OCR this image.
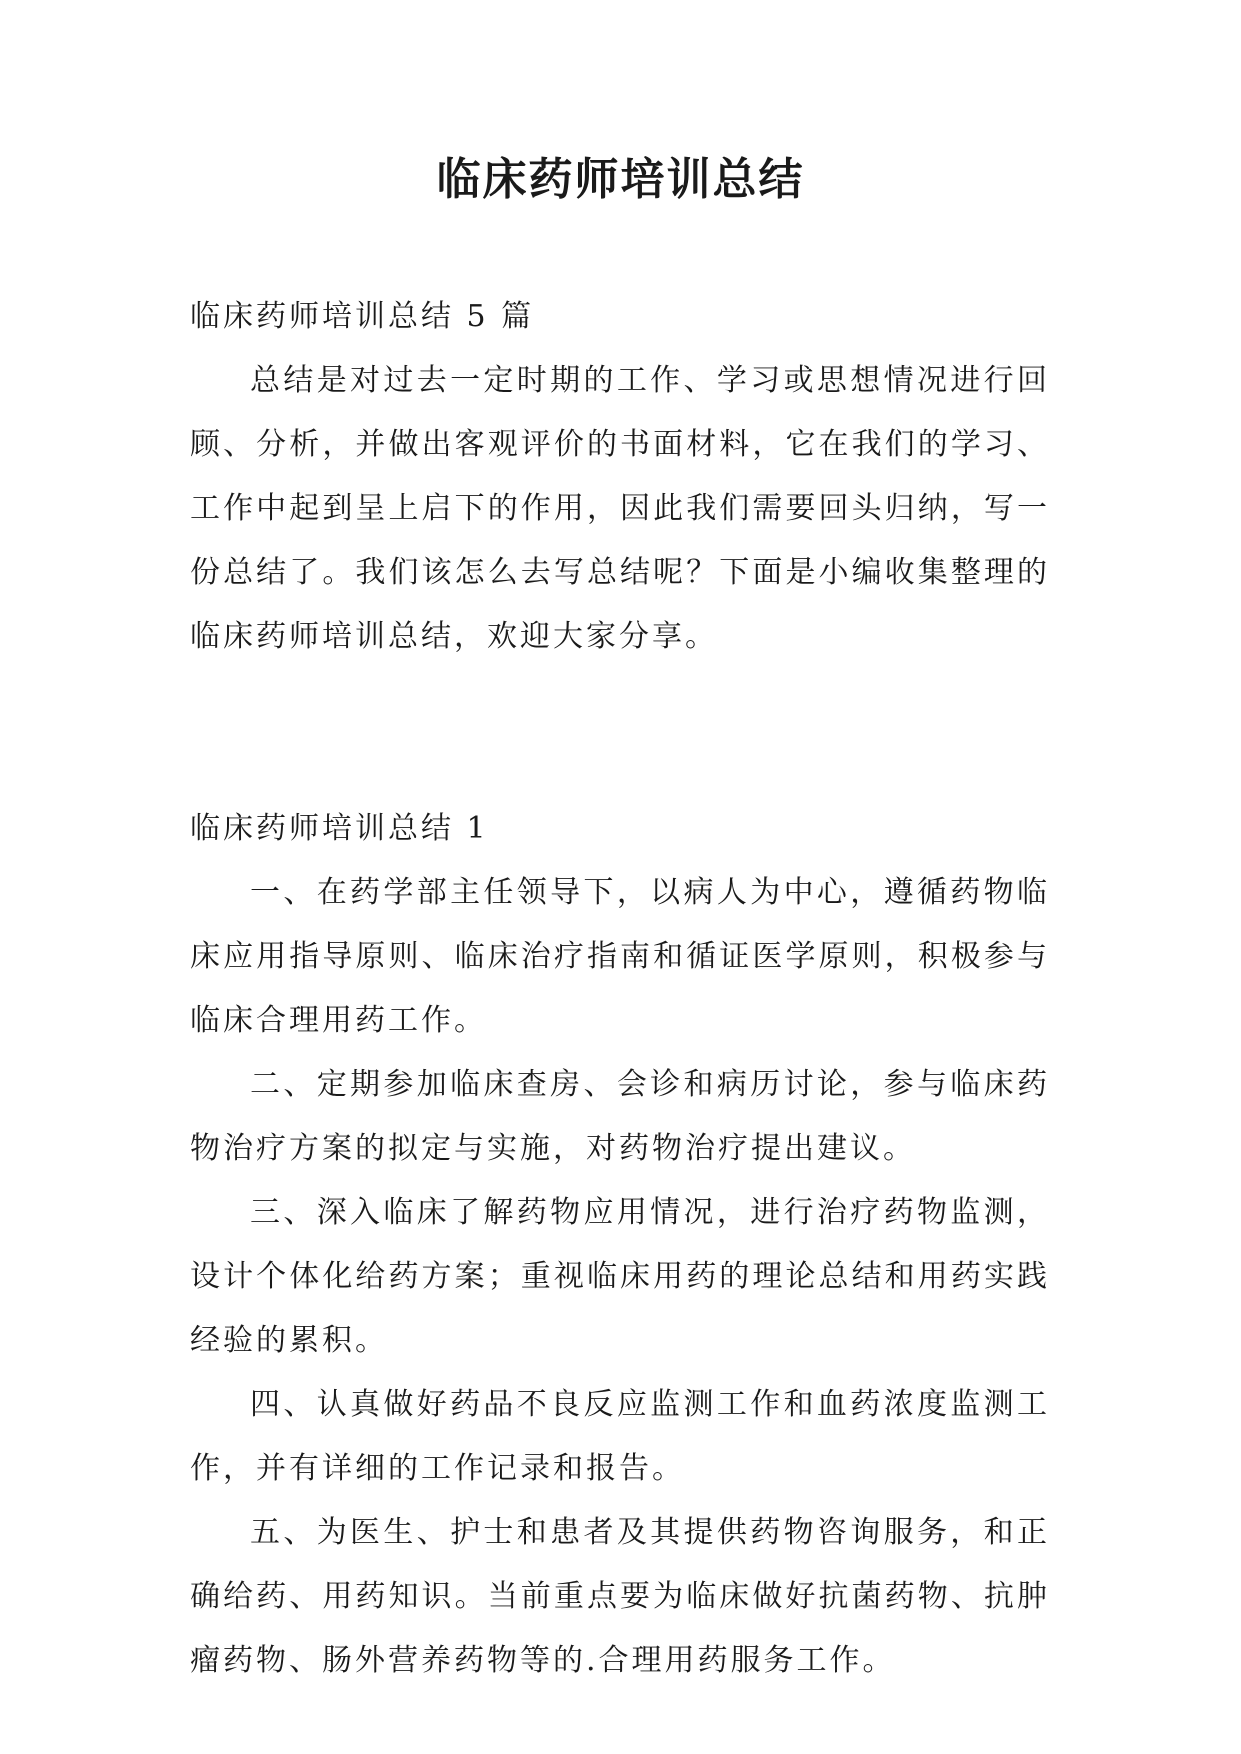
临床药师培训总结

临床药师培训总结 5 篇

总结是对过去一定时期的工作、学习或思想情况进行回顾、分析，并做出客观评价的书面材料，它在我们的学习、工作中起到呈上启下的作用，因此我们需要回头归纳，写一份总结了。我们该怎么去写总结呢？下面是小编收集整理的临床药师培训总结，欢迎大家分享。

临床药师培训总结 1

一、在药学部主任领导下，以病人为中心，遵循药物临床应用指导原则、临床治疗指南和循证医学原则，积极参与临床合理用药工作。

二、定期参加临床查房、会诊和病历讨论，参与临床药物治疗方案的拟定与实施，对药物治疗提出建议。

三、深入临床了解药物应用情况，进行治疗药物监测，设计个体化给药方案；重视临床用药的理论总结和用药实践经验的累积。

四、认真做好药品不良反应监测工作和血药浓度监测工作，并有详细的工作记录和报告。

五、为医生、护士和患者及其提供药物咨询服务，和正确给药、用药知识。当前重点要为临床做好抗菌药物、抗肿瘤药物、肠外营养药物等的.合理用药服务工作。
